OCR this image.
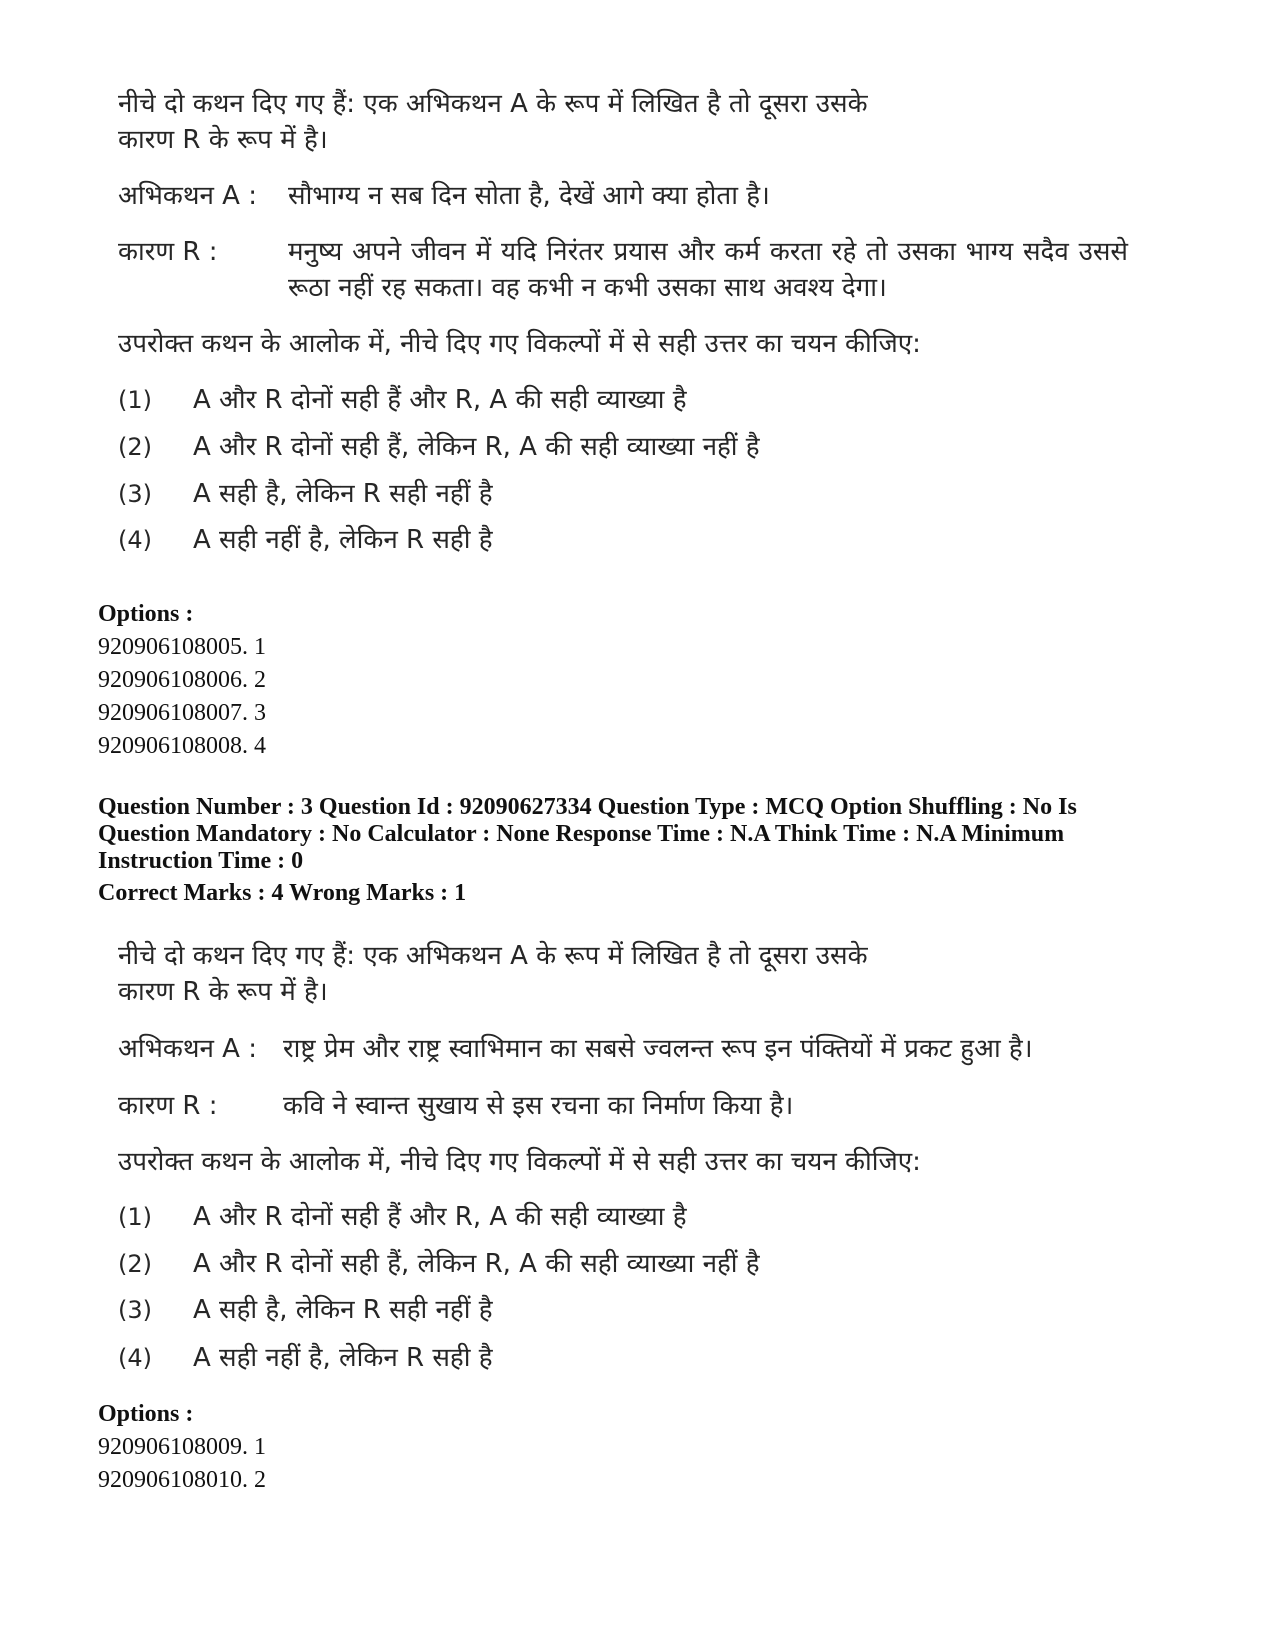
नीचे दो कथन दिए गए हैं: एक अभिकथन A के रूप में लिखित है तो दूसरा उसके
कारण R के रूप में है।
अभिकथन A :	सौभाग्य न सब दिन सोता है, देखें आगे क्या होता है।
कारण R :	मनुष्य अपने जीवन में यदि निरंतर प्रयास और कर्म करता रहे तो उसका भाग्य सदैव उससे रूठा नहीं रह सकता। वह कभी न कभी उसका साथ अवश्य देगा।
उपरोक्त कथन के आलोक में, नीचे दिए गए विकल्पों में से सही उत्तर का चयन कीजिए:
(1)	A और R दोनों सही हैं और R, A की सही व्याख्या है
(2)	A और R दोनों सही हैं, लेकिन R, A की सही व्याख्या नहीं है
(3)	A सही है, लेकिन R सही नहीं है
(4)	A सही नहीं है, लेकिन R सही है
Options :
920906108005. 1
920906108006. 2
920906108007. 3
920906108008. 4
Question Number : 3 Question Id : 92090627334 Question Type : MCQ Option Shuffling : No Is
Question Mandatory : No Calculator : None Response Time : N.A Think Time : N.A Minimum
Instruction Time : 0
Correct Marks : 4 Wrong Marks : 1
नीचे दो कथन दिए गए हैं: एक अभिकथन A के रूप में लिखित है तो दूसरा उसके
कारण R के रूप में है।
अभिकथन A :	राष्ट्र प्रेम और राष्ट्र स्वाभिमान का सबसे ज्वलन्त रूप इन पंक्तियों में प्रकट हुआ है।
कारण R :	कवि ने स्वान्त सुखाय से इस रचना का निर्माण किया है।
उपरोक्त कथन के आलोक में, नीचे दिए गए विकल्पों में से सही उत्तर का चयन कीजिए:
(1)	A और R दोनों सही हैं और R, A की सही व्याख्या है
(2)	A और R दोनों सही हैं, लेकिन R, A की सही व्याख्या नहीं है
(3)	A सही है, लेकिन R सही नहीं है
(4)	A सही नहीं है, लेकिन R सही है
Options :
920906108009. 1
920906108010. 2
